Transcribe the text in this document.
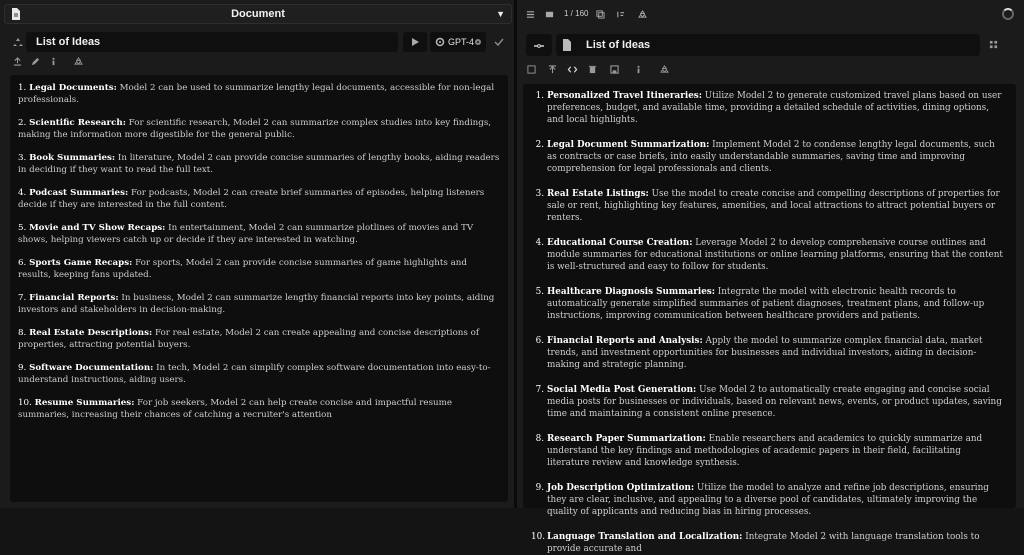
Document	▼
List of Ideas	GPT-4
1. Legal Documents: Model 2 can be used to summarize lengthy legal documents, accessible for non-legal professionals.
2. Scientific Research: For scientific research, Model 2 can summarize complex studies into key findings, making the information more digestible for the general public.
3. Book Summaries: In literature, Model 2 can provide concise summaries of lengthy books, aiding readers in deciding if they want to read the full text.
4. Podcast Summaries: For podcasts, Model 2 can create brief summaries of episodes, helping listeners decide if they are interested in the full content.
5. Movie and TV Show Recaps: In entertainment, Model 2 can summarize plotlines of movies and TV shows, helping viewers catch up or decide if they are interested in watching.
6. Sports Game Recaps: For sports, Model 2 can provide concise summaries of game highlights and results, keeping fans updated.
7. Financial Reports: In business, Model 2 can summarize lengthy financial reports into key points, aiding investors and stakeholders in decision-making.
8. Real Estate Descriptions: For real estate, Model 2 can create appealing and concise descriptions of properties, attracting potential buyers.
9. Software Documentation: In tech, Model 2 can simplify complex software documentation into easy-to-understand instructions, aiding users.
10. Resume Summaries: For job seekers, Model 2 can help create concise and impactful resume summaries, increasing their chances of catching a recruiter's attention
1 / 160
List of Ideas
1. Personalized Travel Itineraries: Utilize Model 2 to generate customized travel plans based on user preferences, budget, and available time, providing a detailed schedule of activities, dining options, and local highlights.
2. Legal Document Summarization: Implement Model 2 to condense lengthy legal documents, such as contracts or case briefs, into easily understandable summaries, saving time and improving comprehension for legal professionals and clients.
3. Real Estate Listings: Use the model to create concise and compelling descriptions of properties for sale or rent, highlighting key features, amenities, and local attractions to attract potential buyers or renters.
4. Educational Course Creation: Leverage Model 2 to develop comprehensive course outlines and module summaries for educational institutions or online learning platforms, ensuring that the content is well-structured and easy to follow for students.
5. Healthcare Diagnosis Summaries: Integrate the model with electronic health records to automatically generate simplified summaries of patient diagnoses, treatment plans, and follow-up instructions, improving communication between healthcare providers and patients.
6. Financial Reports and Analysis: Apply the model to summarize complex financial data, market trends, and investment opportunities for businesses and individual investors, aiding in decision-making and strategic planning.
7. Social Media Post Generation: Use Model 2 to automatically create engaging and concise social media posts for businesses or individuals, based on relevant news, events, or product updates, saving time and maintaining a consistent online presence.
8. Research Paper Summarization: Enable researchers and academics to quickly summarize and understand the key findings and methodologies of academic papers in their field, facilitating literature review and knowledge synthesis.
9. Job Description Optimization: Utilize the model to analyze and refine job descriptions, ensuring they are clear, inclusive, and appealing to a diverse pool of candidates, ultimately improving the quality of applicants and reducing bias in hiring processes.
10. Language Translation and Localization: Integrate Model 2 with language translation tools to provide accurate and
